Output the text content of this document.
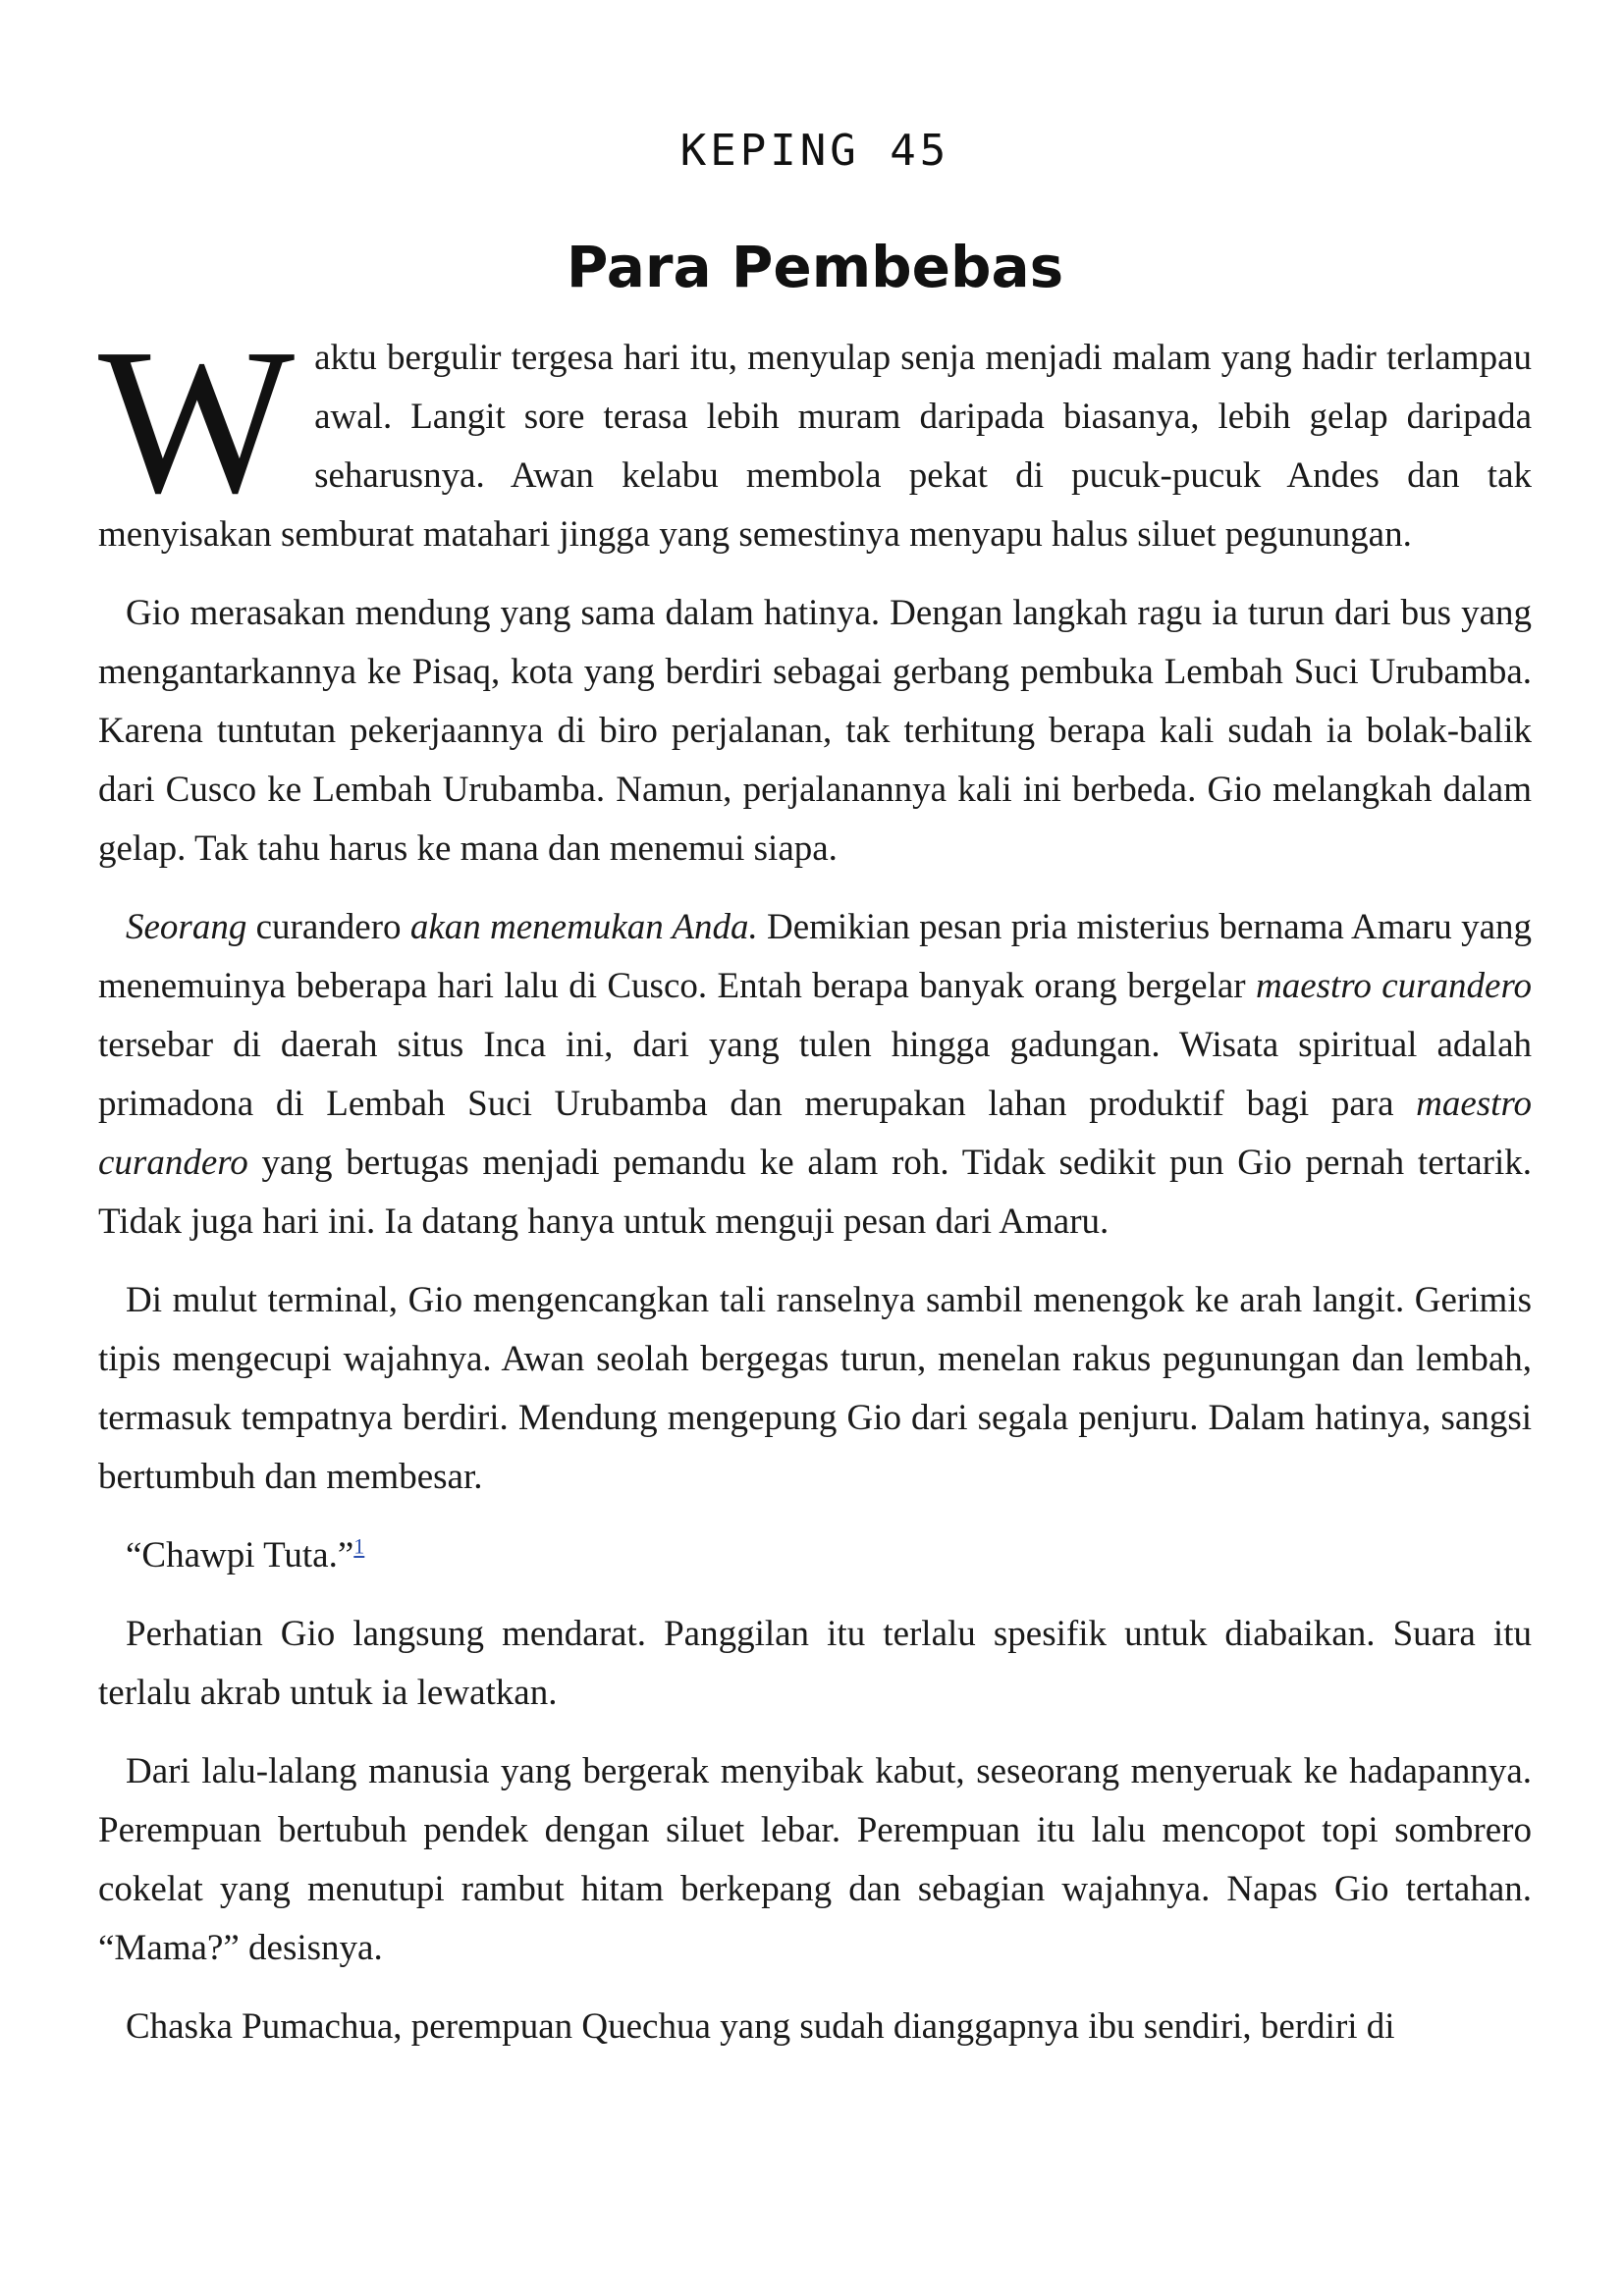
KEPING 45
Para Pembebas

Waktu bergulir tergesa hari itu, menyulap senja menjadi malam yang hadir terlampau awal. Langit sore terasa lebih muram daripada biasanya, lebih gelap daripada seharusnya. Awan kelabu membola pekat di pucuk-pucuk Andes dan tak menyisakan semburat matahari jingga yang semestinya menyapu halus siluet pegunungan.

Gio merasakan mendung yang sama dalam hatinya. Dengan langkah ragu ia turun dari bus yang mengantarkannya ke Pisaq, kota yang berdiri sebagai gerbang pembuka Lembah Suci Urubamba. Karena tuntutan pekerjaannya di biro perjalanan, tak terhitung berapa kali sudah ia bolak-balik dari Cusco ke Lembah Urubamba. Namun, perjalanannya kali ini berbeda. Gio melangkah dalam gelap. Tak tahu harus ke mana dan menemui siapa.

Seorang curandero akan menemukan Anda. Demikian pesan pria misterius bernama Amaru yang menemuinya beberapa hari lalu di Cusco. Entah berapa banyak orang bergelar maestro curandero tersebar di daerah situs Inca ini, dari yang tulen hingga gadungan. Wisata spiritual adalah primadona di Lembah Suci Urubamba dan merupakan lahan produktif bagi para maestro curandero yang bertugas menjadi pemandu ke alam roh. Tidak sedikit pun Gio pernah tertarik. Tidak juga hari ini. Ia datang hanya untuk menguji pesan dari Amaru.

Di mulut terminal, Gio mengencangkan tali ranselnya sambil menengok ke arah langit. Gerimis tipis mengecupi wajahnya. Awan seolah bergegas turun, menelan rakus pegunungan dan lembah, termasuk tempatnya berdiri. Mendung mengepung Gio dari segala penjuru. Dalam hatinya, sangsi bertumbuh dan membesar.

“Chawpi Tuta.”$^1$

Perhatian Gio langsung mendarat. Panggilan itu terlalu spesifik untuk diabaikan. Suara itu terlalu akrab untuk ia lewatkan.

Dari lalu-lalang manusia yang bergerak menyibak kabut, seseorang menyeruak ke hadapannya. Perempuan bertubuh pendek dengan siluet lebar. Perempuan itu lalu mencopot topi sombrero cokelat yang menutupi rambut hitam berkepang dan sebagian wajahnya. Napas Gio tertahan. “Mama?” desisnya.

Chaska Pumachua, perempuan Quechua yang sudah dianggapnya ibu sendiri, berdiri di
